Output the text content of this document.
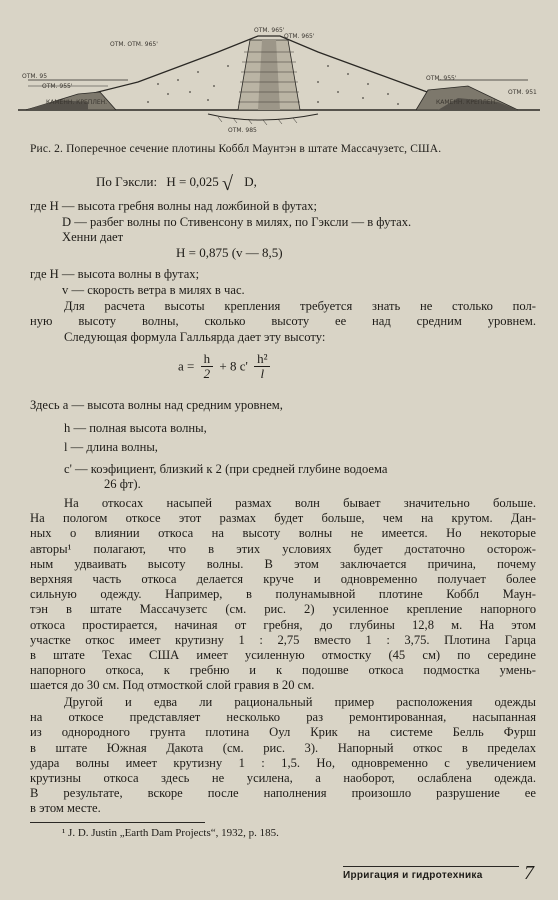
ОТМ. 965'
ОТМ. ОТМ. 965'
ОТМ. 965'
ОТМ. 95
ОТМ. 955'
КАМЕНН. КРЕПЛЕН.	КАМЕНН. КРЕПЛЕН.
ОТМ. 955'
ОТМ. 951
ОТМ. 985
Рис. 2. Поперечное сечение плотины Коббл Маунтэн в штате Массачузетс, США.
По Гэксли: H = 0,025 √ D,
где H — высота гребня волны над ложбиной в футах;
D — разбег волны по Стивенсону в милях, по Гэксли — в футах.
Хенни дает
H = 0,875 (v — 8,5)
где H — высота волны в футах;
v — скорость ветра в милях в час.
Для расчета высоты крепления требуется знать не столько пол-
ную высоту волны, сколько высоту ее над средним уровнем.
Следующая формула Галльярда дает эту высоту:
$a = \frac{h}{2} + 8$ $c' \frac{\text{h²}}{l}$
Здесь a — высота волны над средним уровнем,
h — полная высота волны,
l — длина волны,
c' — коэфициент, близкий к 2 (при средней глубине водоема
26 фт).
На откосах насыпей размах волн бывает значительно больше.
На пологом откосе этот размах будет больше, чем на крутом. Дан-
ных о влиянии откоса на высоту волны не имеется. Но некоторые
авторы¹ полагают, что в этих условиях будет достаточно осторож-
ным удваивать высоту волны. В этом заключается причина, почему
верхняя часть откоса делается круче и одновременно получает более
сильную одежду. Например, в полунамывной плотине Коббл Маун-
тэн в штате Массачузетс (см. рис. 2) усиленное крепление напорного
откоса простирается, начиная от гребня, до глубины 12,8 м. На этом
участке откос имеет крутизну 1 : 2,75 вместо 1 : 3,75. Плотина Гарца
в штате Техас США имеет усиленную отмостку (45 см) по середине
напорного откоса, к гребню и к подошве откоса подмостка умень-
шается до 30 см. Под отмосткой слой гравия в 20 см.
Другой и едва ли рациональный пример расположения одежды
на откосе представляет несколько раз ремонтированная, насыпанная
из однородного грунта плотина Оул Крик на системе Белль Фурш
в штате Южная Дакота (см. рис. 3). Напорный откос в пределах
удара волны имеет крутизну 1 : 1,5. Но, одновременно с увеличением
крутизны откоса здесь не усилена, а наоборот, ослаблена одежда.
В результате, вскоре после наполнения произошло разрушение ее
в этом месте.
¹ J. D. Justin „Earth Dam Projects“, 1932, p. 185.
Ирригация и гидротехника 7
